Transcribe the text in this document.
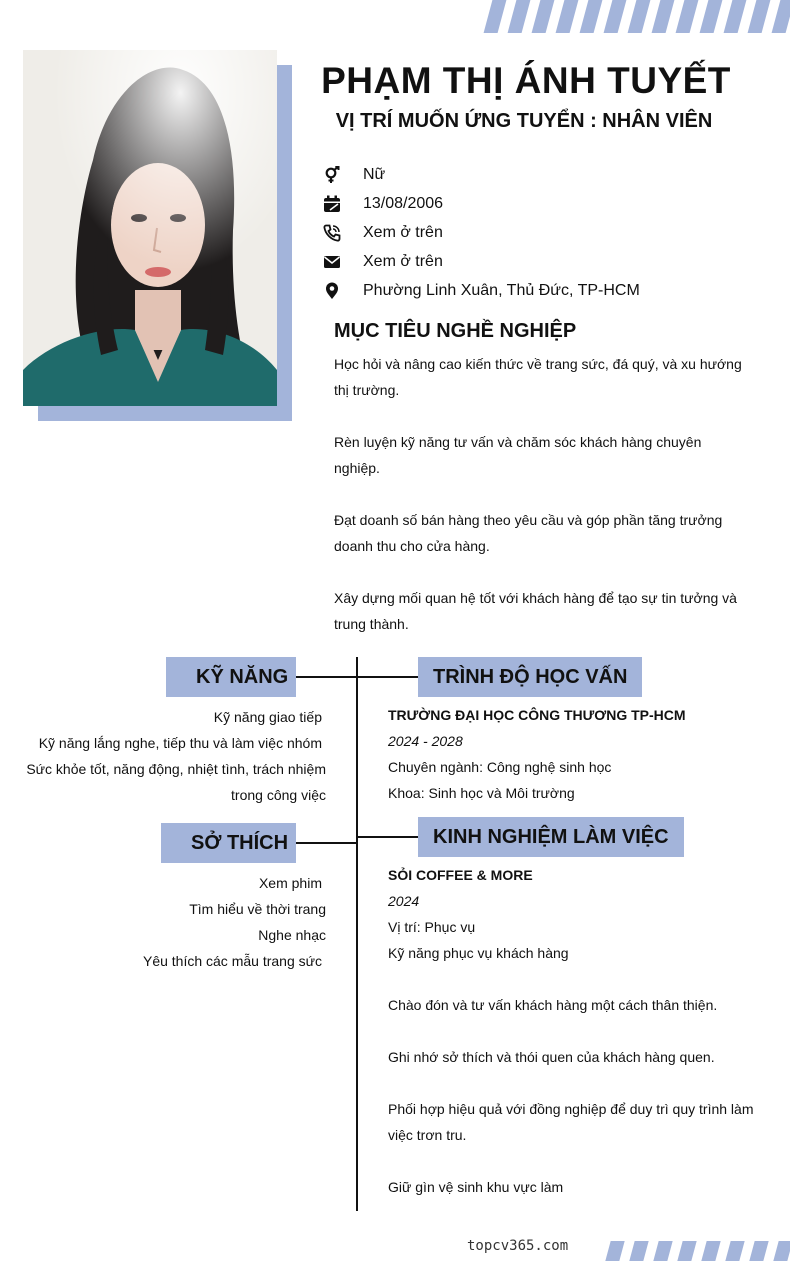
PHẠM THỊ ÁNH TUYẾT
VỊ TRÍ MUỐN ỨNG TUYỂN : NHÂN VIÊN
Nữ
13/08/2006
Xem ở trên
Xem ở trên
Phường Linh Xuân, Thủ Đức, TP-HCM
MỤC TIÊU NGHỀ NGHIỆP

Học hỏi và nâng cao kiến thức về trang sức, đá quý, và xu hướng thị trường.

Rèn luyện kỹ năng tư vấn và chăm sóc khách hàng chuyên nghiệp.

Đạt doanh số bán hàng theo yêu cầu và góp phần tăng trưởng doanh thu cho cửa hàng.

Xây dựng mối quan hệ tốt với khách hàng để tạo sự tin tưởng và trung thành.

KỸ NĂNG
Kỹ năng giao tiếp
Kỹ năng lắng nghe, tiếp thu và làm việc nhóm
Sức khỏe tốt, năng động, nhiệt tình, trách nhiệm trong công việc
SỞ THÍCH
Xem phim
Tìm hiểu về thời trang
Nghe nhạc
Yêu thích các mẫu trang sức
TRÌNH ĐỘ HỌC VẤN
TRƯỜNG ĐẠI HỌC CÔNG THƯƠNG TP-HCM
2024 - 2028
Chuyên ngành: Công nghệ sinh học
Khoa: Sinh học và Môi trường
KINH NGHIỆM LÀM VIỆC
SỎI COFFEE & MORE
2024
Vị trí: Phục vụ
Kỹ năng phục vụ khách hàng
Chào đón và tư vấn khách hàng một cách thân thiện.
Ghi nhớ sở thích và thói quen của khách hàng quen.
Phối hợp hiệu quả với đồng nghiệp để duy trì quy trình làm việc trơn tru.
Giữ gìn vệ sinh khu vực làm
topcv365.com
